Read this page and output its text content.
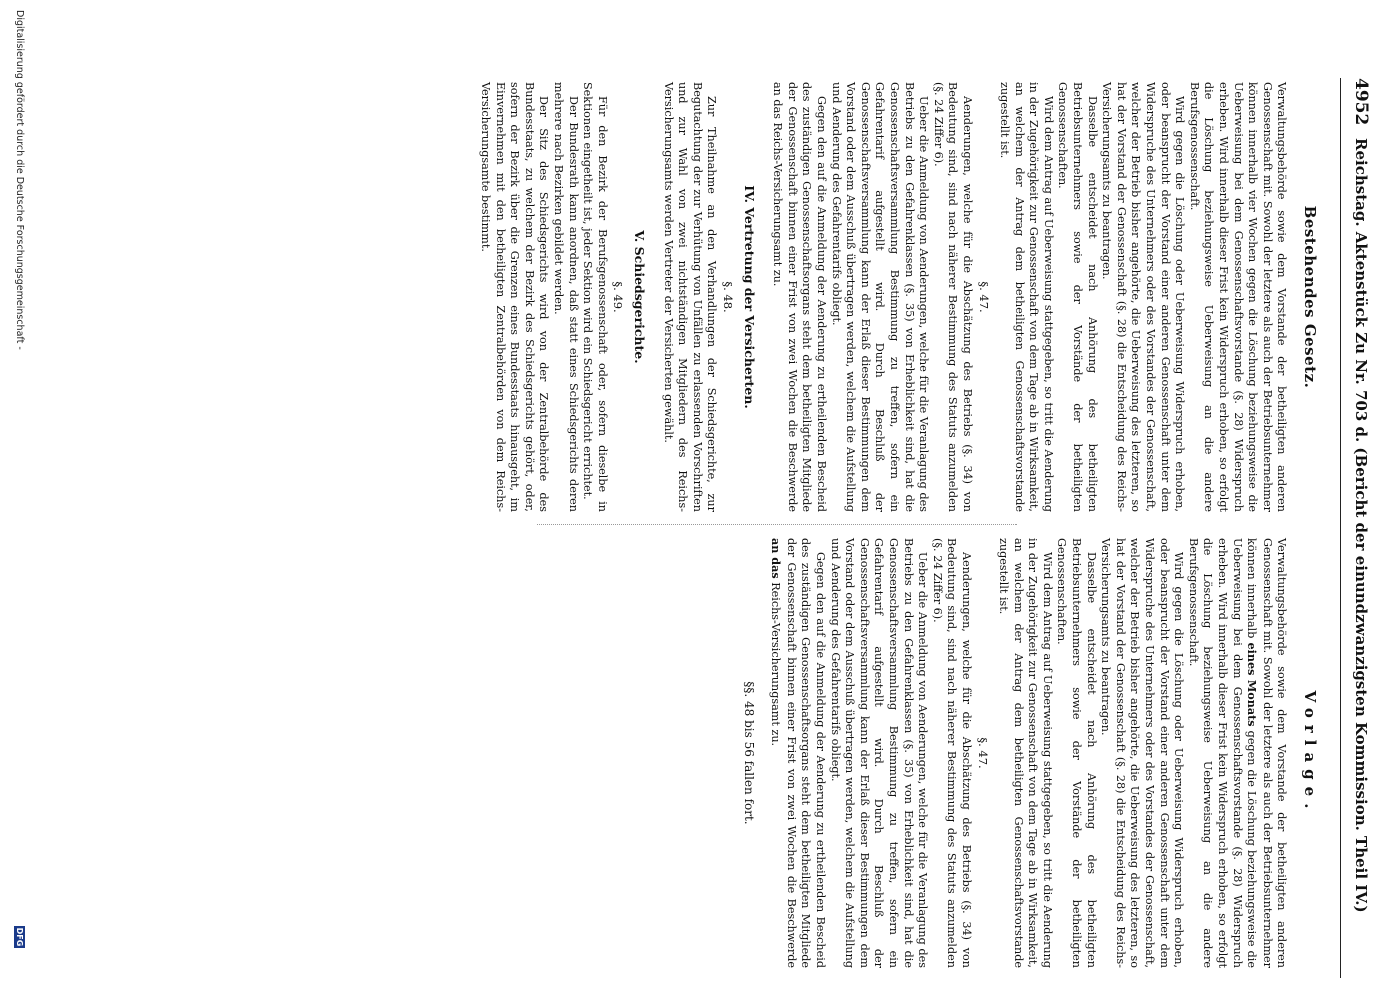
4952
Reichstag. Aktenstück Zu Nr. 703 d. (Bericht der einundzwanzigsten Kommission. Theil IV.)
Bestehendes Gesetz.

Verwaltungsbehörde sowie dem Vorstande der betheiligten anderen Genossenschaft mit. Sowohl der letztere als auch der Betriebsunternehmer können innerhalb vier Wochen gegen die Löschung beziehungsweise die Ueberweisung bei dem Genossenschaftsvorstande (§. 28) Widerspruch erheben. Wird innerhalb dieser Frist kein Widerspruch erhoben, so erfolgt die Löschung beziehungsweise Ueberweisung an die andere Berufsgenossenschaft.

Wird gegen die Löschung oder Ueberweisung Widerspruch erhoben, oder beansprucht der Vorstand einer anderen Genossenschaft unter dem Widerspruche des Unternehmers oder des Vorstandes der Genossenschaft, welcher der Betrieb bisher angehörte, die Ueberweisung des letzteren, so hat der Vorstand der Genossenschaft (§. 28) die Entscheidung des Reichs-Versicherungsamts zu beantragen.

Dasselbe entscheidet nach Anhörung des betheiligten Betriebsunternehmers sowie der Vorstände der betheiligten Genossenschaften.

Wird dem Antrag auf Ueberweisung stattgegeben, so tritt die Aenderung in der Zugehörigkeit zur Genossenschaft von dem Tage ab in Wirksamkeit, an welchem der Antrag dem betheiligten Genossenschaftsvorstande zugestellt ist.

§. 47.

Aenderungen, welche für die Abschätzung des Betriebs (§. 34) von Bedeutung sind, sind nach näherer Bestimmung des Statuts anzumelden (§. 24 Ziffer 6).

Ueber die Anmeldung von Aenderungen, welche für die Veranlagung des Betriebs zu den Gefahrenklassen (§. 35) von Erheblichkeit sind, hat die Genossenschaftsversammlung Bestimmung zu treffen, sofern ein Gefahrentarif aufgestellt wird. Durch Beschluß der Genossenschaftsversammlung kann der Erlaß dieser Bestimmungen dem Vorstand oder dem Ausschuß übertragen werden, welchem die Aufstellung und Aenderung des Gefahrentarifs obliegt.

Gegen den auf die Anmeldung der Aenderung zu ertheilenden Bescheid des zuständigen Genossenschaftsorgans steht dem betheiligten Mitgliede der Genossenschaft binnen einer Frist von zwei Wochen die Beschwerde an das Reichs-Versicherungsamt zu.

IV. Vertretung der Versicherten.
§. 48.

Zur Theilnahme an den Verhandlungen der Schiedsgerichte, zur Begutachtung der zur Verhütung von Unfällen zu erlassenden Vorschriften und zur Wahl von zwei nichtständigen Mitgliedern des Reichs-Versicherungsamts werden Vertreter der Versicherten gewählt.

V. Schiedsgerichte.
§. 49.

Für den Bezirk der Berufsgenossenschaft oder, sofern dieselbe in Sektionen eingetheilt ist, jeder Sektion wird ein Schiedsgericht errichtet.

Der Bundesrath kann anordnen, daß statt eines Schiedsgerichts deren mehrere nach Bezirken gebildet werden.

Der Sitz des Schiedsgerichts wird von der Zentralbehörde des Bundesstaats, zu welchem der Bezirk des Schiedsgerichts gehört, oder, sofern der Bezirk über die Grenzen eines Bundesstaats hinausgeht, im Einvernehmen mit den betheiligten Zentralbehörden von dem Reichs-Versicherungsamte bestimmt.

Vorlage.

Verwaltungsbehörde sowie dem Vorstande der betheiligten anderen Genossenschaft mit. Sowohl der letztere als auch der Betriebsunternehmer können innerhalb eines Monats gegen die Löschung beziehungsweise die Ueberweisung bei dem Genossenschaftsvorstande (§. 28) Widerspruch erheben. Wird innerhalb dieser Frist kein Widerspruch erhoben, so erfolgt die Löschung beziehungsweise Ueberweisung an die andere Berufsgenossenschaft.

Wird gegen die Löschung oder Ueberweisung Widerspruch erhoben, oder beansprucht der Vorstand einer anderen Genossenschaft unter dem Widerspruche des Unternehmers oder des Vorstandes der Genossenschaft, welcher der Betrieb bisher angehörte, die Ueberweisung des letzteren, so hat der Vorstand der Genossenschaft (§. 28) die Entscheidung des Reichs-Versicherungsamts zu beantragen.

Dasselbe entscheidet nach Anhörung des betheiligten Betriebsunternehmers sowie der Vorstände der betheiligten Genossenschaften.

Wird dem Antrag auf Ueberweisung stattgegeben, so tritt die Aenderung in der Zugehörigkeit zur Genossenschaft von dem Tage ab in Wirksamkeit, an welchem der Antrag dem betheiligten Genossenschaftsvorstande zugestellt ist.

§. 47.

Aenderungen, welche für die Abschätzung des Betriebs (§. 34) von Bedeutung sind, sind nach näherer Bestimmung des Statuts anzumelden (§. 24 Ziffer 6).

Ueber die Anmeldung von Aenderungen, welche für die Veranlagung des Betriebs zu den Gefahrenklassen (§. 35) von Erheblichkeit sind, hat die Genossenschaftsversammlung Bestimmung zu treffen, sofern ein Gefahrentarif aufgestellt wird. Durch Beschluß der Genossenschaftsversammlung kann der Erlaß dieser Bestimmungen dem Vorstand oder dem Ausschuß übertragen werden, welchem die Aufstellung und Aenderung des Gefahrentarifs obliegt.

Gegen den auf die Anmeldung der Aenderung zu ertheilenden Bescheid des zuständigen Genossenschaftsorgans steht dem betheiligten Mitgliede der Genossenschaft binnen einer Frist von zwei Wochen die Beschwerde an das Reichs-Versicherungsamt zu.

§§. 48 bis 56 fallen fort.
Digitalisierung gefördert durch die Deutsche Forschungsgemeinschaft -
DFG
